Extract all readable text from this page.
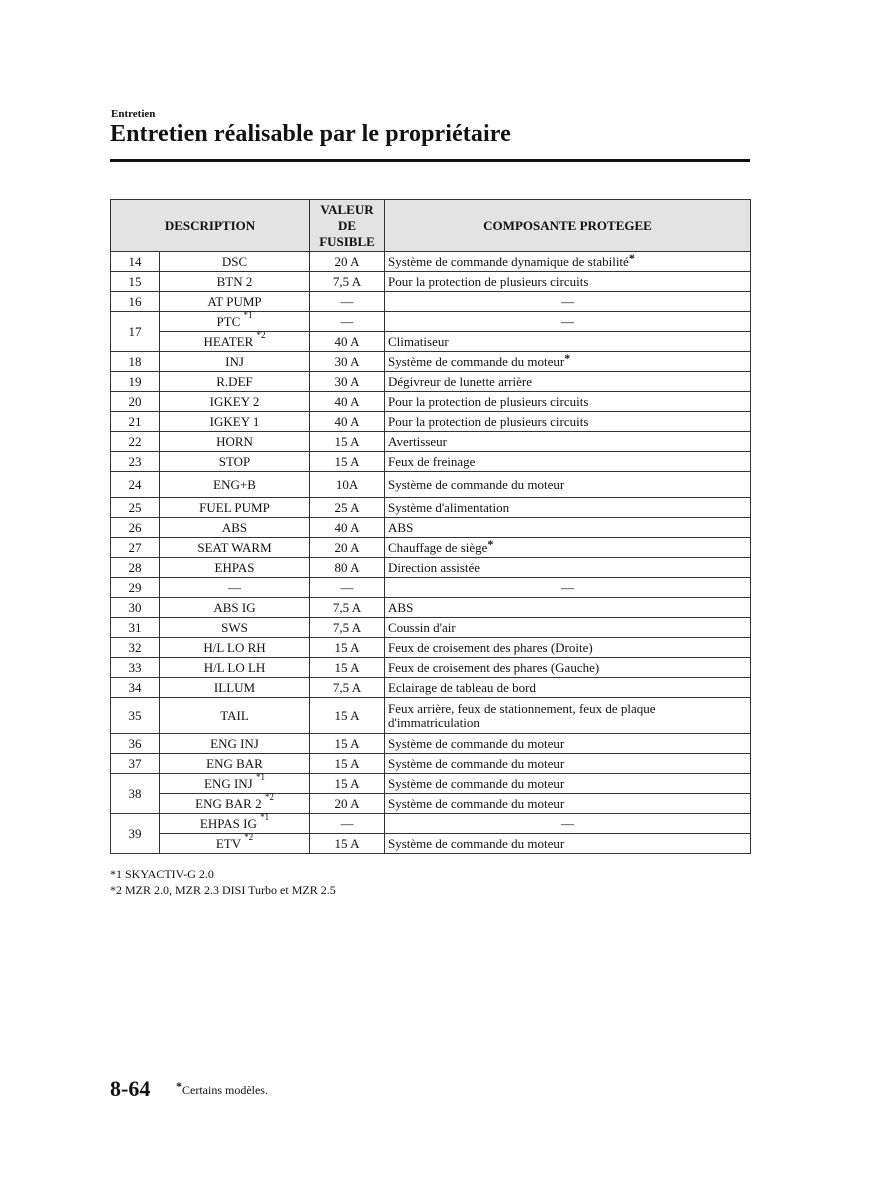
Entretien
Entretien réalisable par le propriétaire
DESCRIPTION		VALEUR
DE
FUSIBLE	COMPOSANTE PROTEGEE
14	DSC	20 A	Système de commande dynamique de stabilité*
15	BTN 2	7,5 A	Pour la protection de plusieurs circuits
16	AT PUMP	—	—
17	PTC $^{*1}$	—	—
	HEATER $^{*2}$	40 A	Climatiseur
18	INJ	30 A	Système de commande du moteur*
19	R.DEF	30 A	Dégivreur de lunette arrière
20	IGKEY 2	40 A	Pour la protection de plusieurs circuits
21	IGKEY 1	40 A	Pour la protection de plusieurs circuits
22	HORN	15 A	Avertisseur
23	STOP	15 A	Feux de freinage
24	ENG+B	10A	Système de commande du moteur
25	FUEL PUMP	25 A	Système d'alimentation
26	ABS	40 A	ABS
27	SEAT WARM	20 A	Chauffage de siège*
28	EHPAS	80 A	Direction assistée
29	—	—	—
30	ABS IG	7,5 A	ABS
31	SWS	7,5 A	Coussin d'air
32	H/L LO RH	15 A	Feux de croisement des phares (Droite)
33	H/L LO LH	15 A	Feux de croisement des phares (Gauche)
34	ILLUM	7,5 A	Eclairage de tableau de bord
35	TAIL	15 A	Feux arrière, feux de stationnement, feux de plaque d'immatriculation
36	ENG INJ	15 A	Système de commande du moteur
37	ENG BAR	15 A	Système de commande du moteur
38	ENG INJ $^{*1}$	15 A	Système de commande du moteur
	ENG BAR 2 $^{*2}$	20 A	Système de commande du moteur
39	EHPAS IG $^{*1}$	—	—
	ETV $^{*2}$	15 A	Système de commande du moteur
*1 SKYACTIV-G 2.0
*2 MZR 2.0, MZR 2.3 DISI Turbo et MZR 2.5
8-64 *Certains modèles.
